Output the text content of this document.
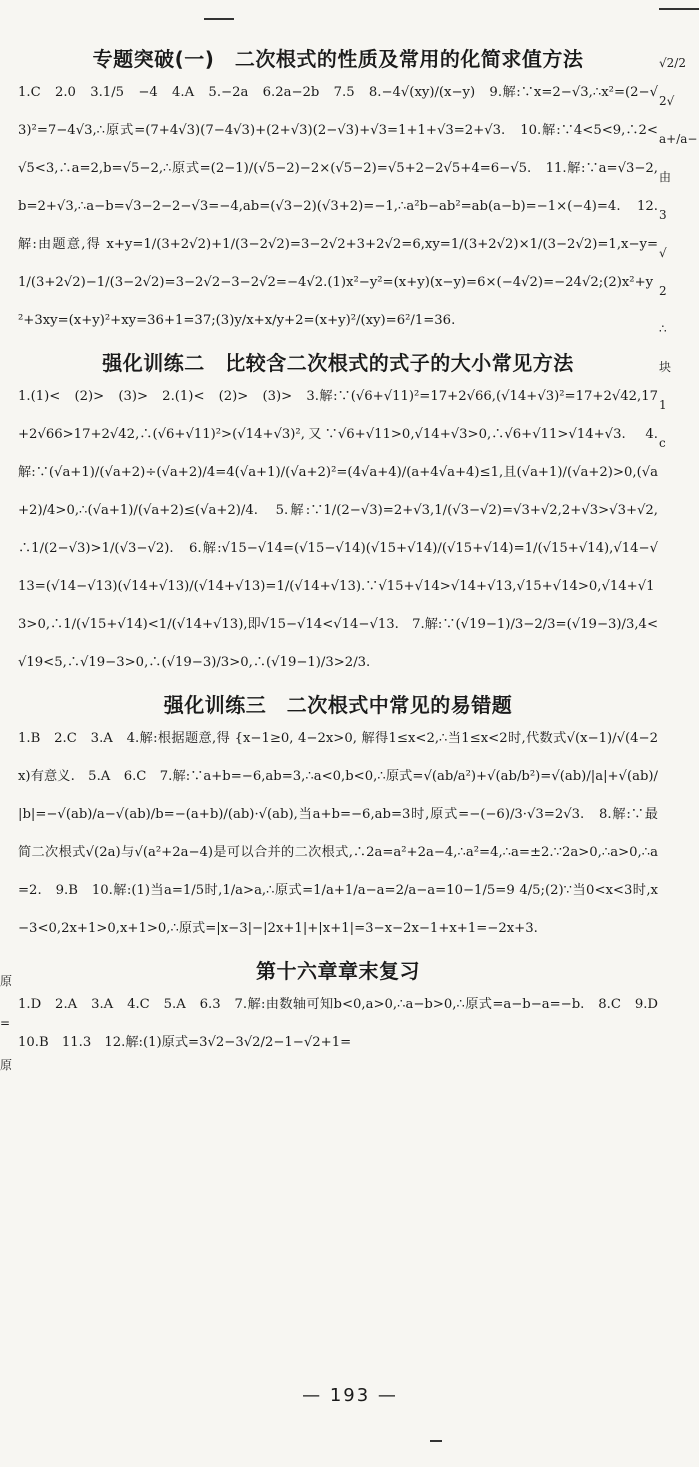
专题突破(一)　二次根式的性质及常用的化简求值方法

1.C　2.0　3.1/5　−4　4.A　5.−2a　6.2a−2b　7.5　8.−4√(xy)/(x−y)　9.解:∵x=2−√3,∴x²=(2−√3)²=7−4√3,∴原式=(7+4√3)(7−4√3)+(2+√3)(2−√3)+√3=1+1+√3=2+√3.　10.解:∵4<5<9,∴2<√5<3,∴a=2,b=√5−2,∴原式=(2−1)/(√5−2)−2×(√5−2)=√5+2−2√5+4=6−√5.　11.解:∵a=√3−2,b=2+√3,∴a−b=√3−2−2−√3=−4,ab=(√3−2)(√3+2)=−1,∴a²b−ab²=ab(a−b)=−1×(−4)=4.　12.解:由题意,得 x+y=1/(3+2√2)+1/(3−2√2)=3−2√2+3+2√2=6,xy=1/(3+2√2)×1/(3−2√2)=1,x−y=1/(3+2√2)−1/(3−2√2)=3−2√2−3−2√2=−4√2.(1)x²−y²=(x+y)(x−y)=6×(−4√2)=−24√2;(2)x²+y²+3xy=(x+y)²+xy=36+1=37;(3)y/x+x/y+2=(x+y)²/(xy)=6²/1=36.

强化训练二　比较含二次根式的式子的大小常见方法

1.(1)<　(2)>　(3)>　2.(1)<　(2)>　(3)>　3.解:∵(√6+√11)²=17+2√66,(√14+√3)²=17+2√42,17+2√66>17+2√42,∴(√6+√11)²>(√14+√3)²,又∵√6+√11>0,√14+√3>0,∴√6+√11>√14+√3.　4.解:∵(√a+1)/(√a+2)÷(√a+2)/4=4(√a+1)/(√a+2)²=(4√a+4)/(a+4√a+4)≤1,且(√a+1)/(√a+2)>0,(√a+2)/4>0,∴(√a+1)/(√a+2)≤(√a+2)/4.　5.解:∵1/(2−√3)=2+√3,1/(√3−√2)=√3+√2,2+√3>√3+√2,∴1/(2−√3)>1/(√3−√2).　6.解:√15−√14=(√15−√14)(√15+√14)/(√15+√14)=1/(√15+√14),√14−√13=(√14−√13)(√14+√13)/(√14+√13)=1/(√14+√13).∵√15+√14>√14+√13,√15+√14>0,√14+√13>0,∴1/(√15+√14)<1/(√14+√13),即√15−√14<√14−√13.　7.解:∵(√19−1)/3−2/3=(√19−3)/3,4<√19<5,∴√19−3>0,∴(√19−3)/3>0,∴(√19−1)/3>2/3.

强化训练三　二次根式中常见的易错题

1.B　2.C　3.A　4.解:根据题意,得 {x−1≥0, 4−2x>0, 解得1≤x<2,∴当1≤x<2时,代数式√(x−1)/√(4−2x)有意义.　5.A　6.C　7.解:∵a+b=−6,ab=3,∴a<0,b<0,∴原式=√(ab/a²)+√(ab/b²)=√(ab)/|a|+√(ab)/|b|=−√(ab)/a−√(ab)/b=−(a+b)/(ab)·√(ab),当a+b=−6,ab=3时,原式=−(−6)/3·√3=2√3.　8.解:∵最简二次根式√(2a)与√(a²+2a−4)是可以合并的二次根式,∴2a=a²+2a−4,∴a²=4,∴a=±2.∵2a>0,∴a>0,∴a=2.　9.B　10.解:(1)当a=1/5时,1/a>a,∴原式=1/a+1/a−a=2/a−a=10−1/5=9 4/5;(2)∵当0<x<3时,x−3<0,2x+1>0,x+1>0,∴原式=|x−3|−|2x+1|+|x+1|=3−x−2x−1+x+1=−2x+3.

第十六章章末复习

1.D　2.A　3.A　4.C　5.A　6.3　7.解:由数轴可知b<0,a>0,∴a−b>0,∴原式=a−b−a=−b.　8.C　9.D　10.B　11.3　12.解:(1)原式=3√2−3√2/2−1−√2+1=

√2/2
2√
a+/a−
由
3
√
2
∴
块
1
c
原
=
原
— 193 —
